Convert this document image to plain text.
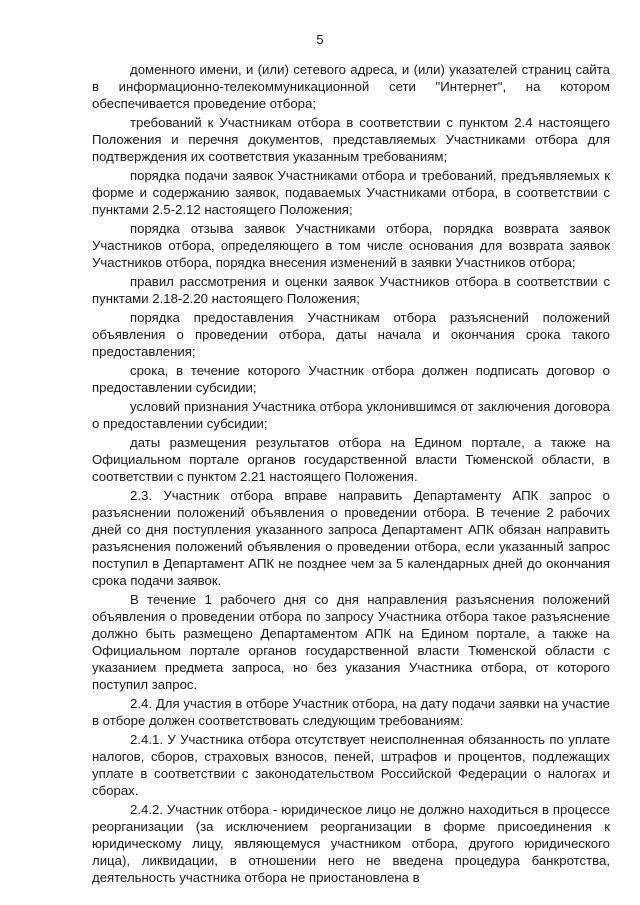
5

доменного имени, и (или) сетевого адреса, и (или) указателей страниц сайта в информационно-телекоммуникационной сети "Интернет", на котором обеспечивается проведение отбора;

требований к Участникам отбора в соответствии с пунктом 2.4 настоящего Положения и перечня документов, представляемых Участниками отбора для подтверждения их соответствия указанным требованиям;

порядка подачи заявок Участниками отбора и требований, предъявляемых к форме и содержанию заявок, подаваемых Участниками отбора, в соответствии с пунктами 2.5-2.12 настоящего Положения;

порядка отзыва заявок Участниками отбора, порядка возврата заявок Участников отбора, определяющего в том числе основания для возврата заявок Участников отбора, порядка внесения изменений в заявки Участников отбора;

правил рассмотрения и оценки заявок Участников отбора в соответствии с пунктами 2.18-2.20 настоящего Положения;

порядка предоставления Участникам отбора разъяснений положений объявления о проведении отбора, даты начала и окончания срока такого предоставления;

срока, в течение которого Участник отбора должен подписать договор о предоставлении субсидии;

условий признания Участника отбора уклонившимся от заключения договора о предоставлении субсидии;

даты размещения результатов отбора на Едином портале, а также на Официальном портале органов государственной власти Тюменской области, в соответствии с пунктом 2.21 настоящего Положения.

2.3. Участник отбора вправе направить Департаменту АПК запрос о разъяснении положений объявления о проведении отбора. В течение 2 рабочих дней со дня поступления указанного запроса Департамент АПК обязан направить разъяснения положений объявления о проведении отбора, если указанный запрос поступил в Департамент АПК не позднее чем за 5 календарных дней до окончания срока подачи заявок.

В течение 1 рабочего дня со дня направления разъяснения положений объявления о проведении отбора по запросу Участника отбора такое разъяснение должно быть размещено Департаментом АПК на Едином портале, а также на Официальном портале органов государственной власти Тюменской области с указанием предмета запроса, но без указания Участника отбора, от которого поступил запрос.

2.4. Для участия в отборе Участник отбора, на дату подачи заявки на участие в отборе должен соответствовать следующим требованиям:

2.4.1. У Участника отбора отсутствует неисполненная обязанность по уплате налогов, сборов, страховых взносов, пеней, штрафов и процентов, подлежащих уплате в соответствии с законодательством Российской Федерации о налогах и сборах.

2.4.2. Участник отбора - юридическое лицо не должно находиться в процессе реорганизации (за исключением реорганизации в форме присоединения к юридическому лицу, являющемуся участником отбора, другого юридического лица), ликвидации, в отношении него не введена процедура банкротства, деятельность участника отбора не приостановлена в
